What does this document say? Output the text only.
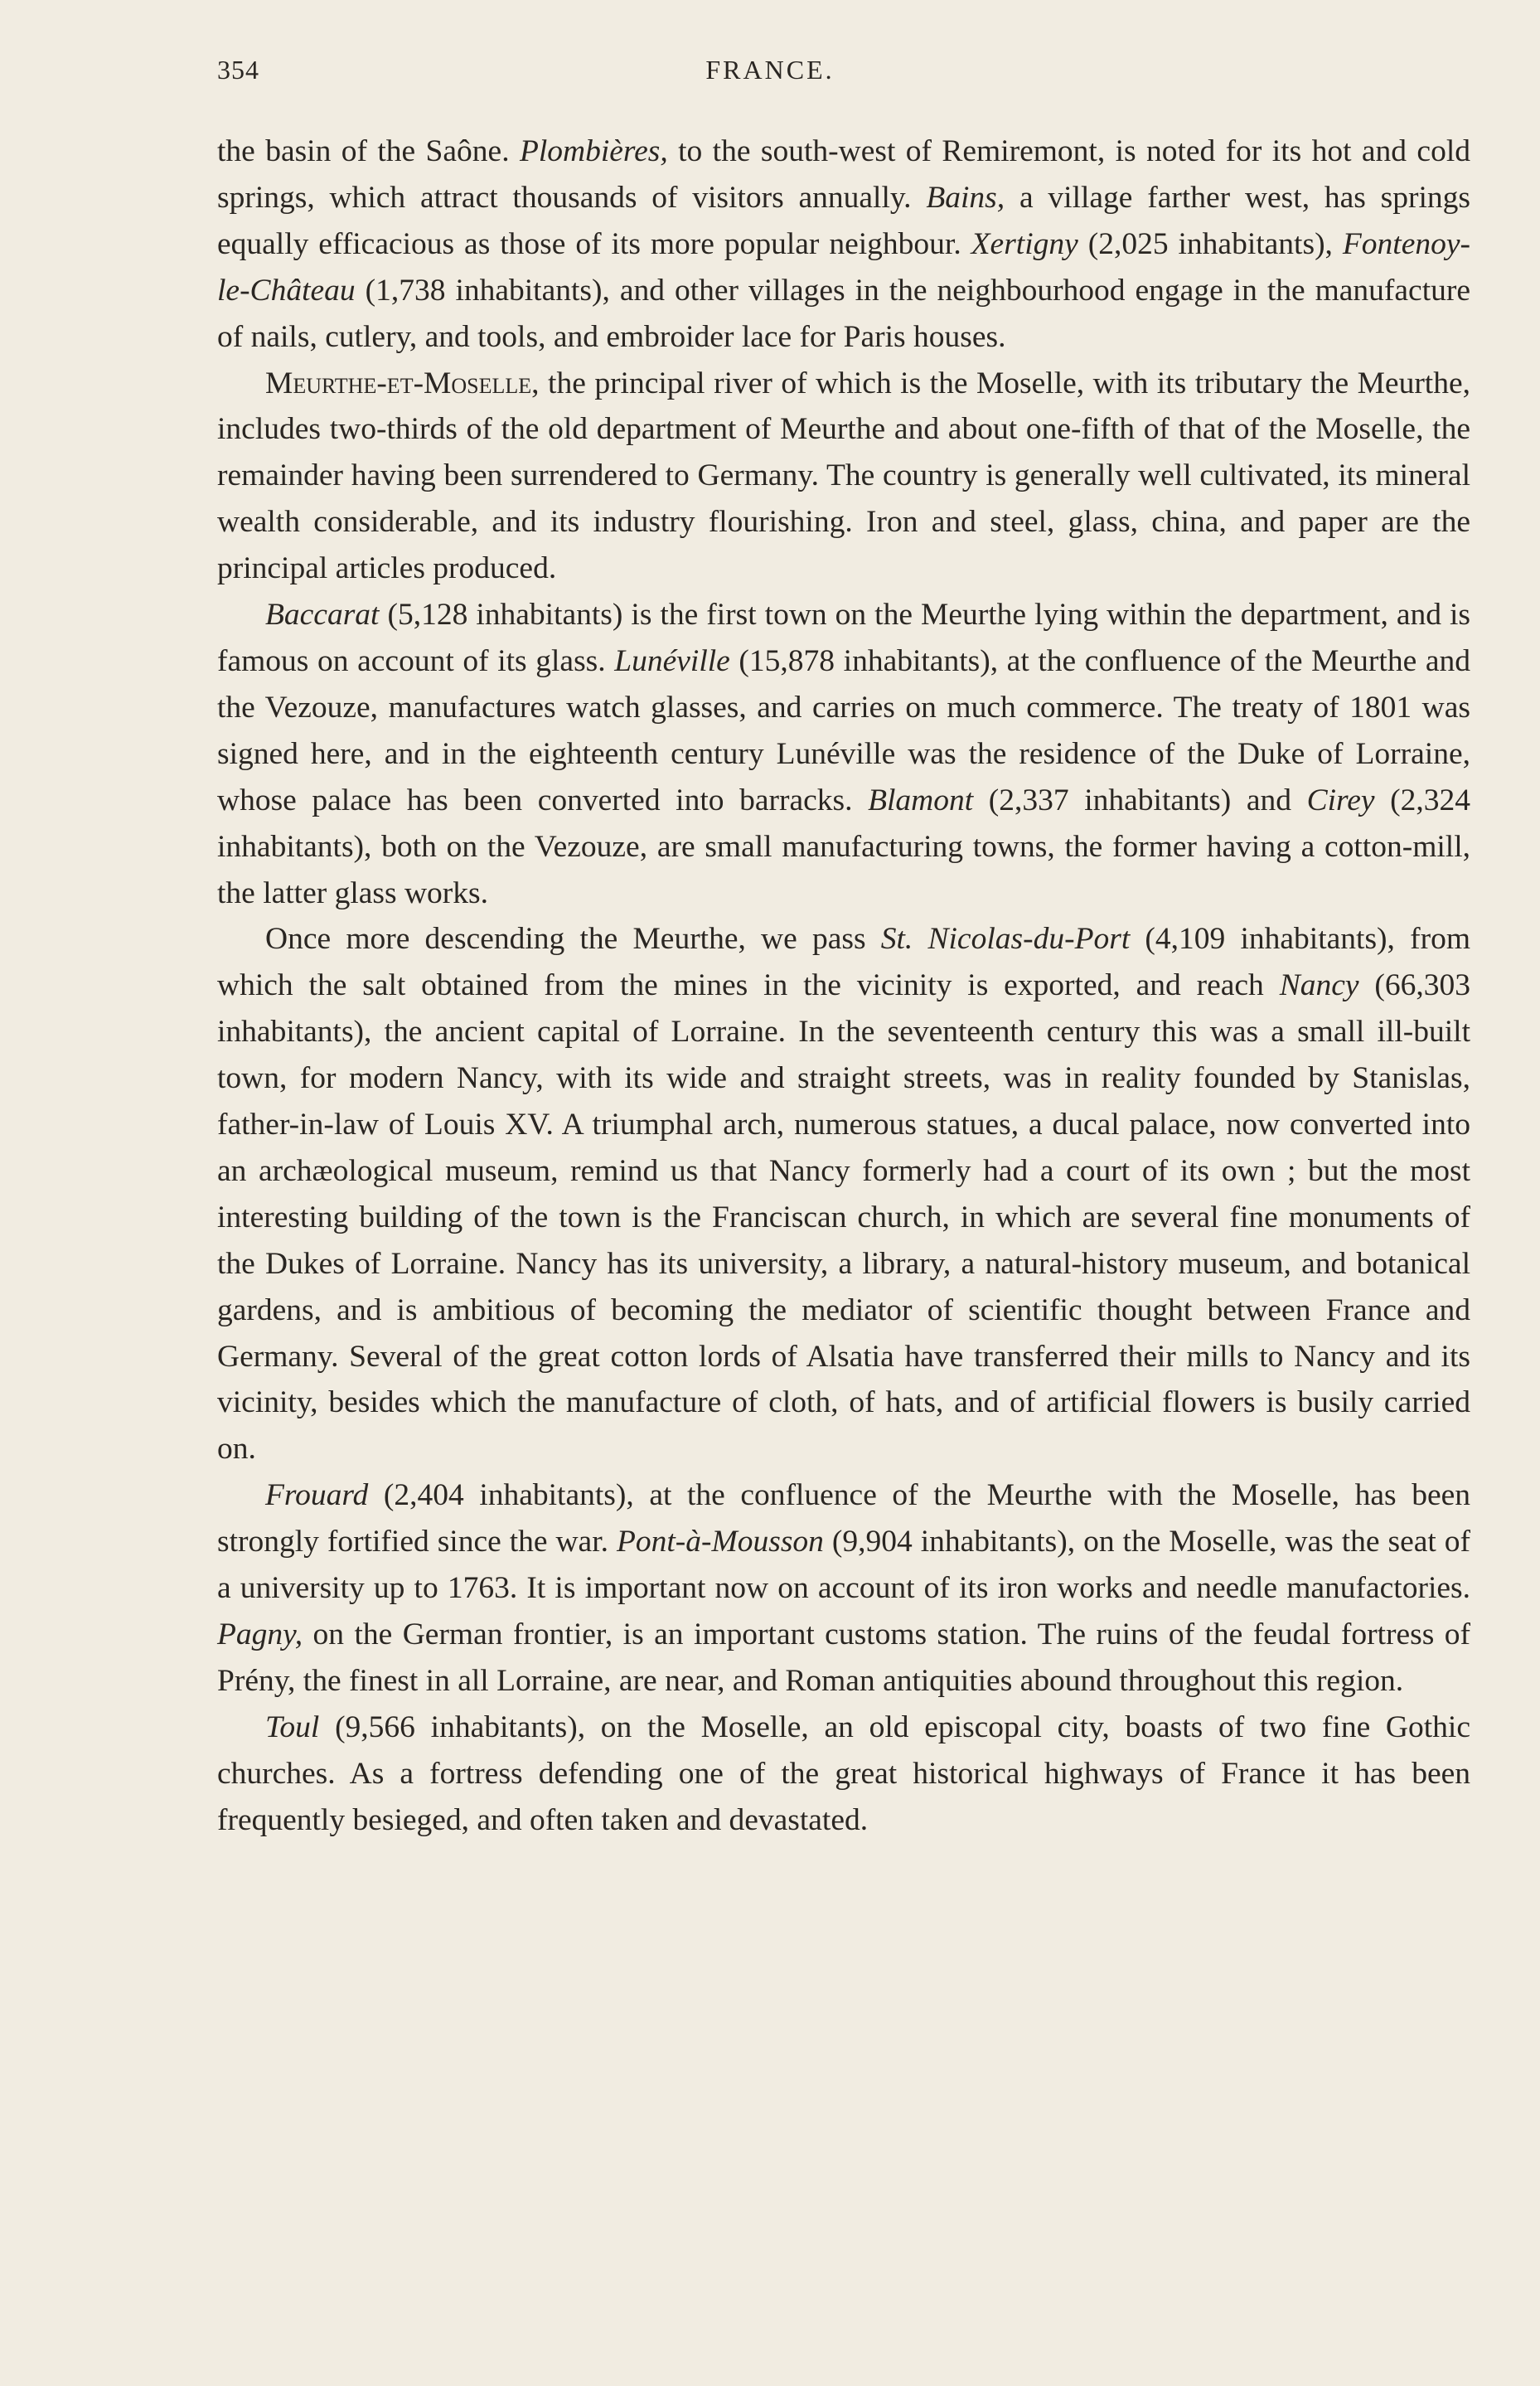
354	FRANCE.

the basin of the Saône. Plombières, to the south-west of Remiremont, is noted for its hot and cold springs, which attract thousands of visitors annually. Bains, a village farther west, has springs equally efficacious as those of its more popular neighbour. Xertigny (2,025 inhabitants), Fontenoy-le-Château (1,738 inhabitants), and other villages in the neighbourhood engage in the manufacture of nails, cutlery, and tools, and embroider lace for Paris houses.

Meurthe-et-Moselle, the principal river of which is the Moselle, with its tributary the Meurthe, includes two-thirds of the old department of Meurthe and about one-fifth of that of the Moselle, the remainder having been surrendered to Germany. The country is generally well cultivated, its mineral wealth considerable, and its industry flourishing. Iron and steel, glass, china, and paper are the principal articles produced.

Baccarat (5,128 inhabitants) is the first town on the Meurthe lying within the department, and is famous on account of its glass. Lunéville (15,878 inhabitants), at the confluence of the Meurthe and the Vezouze, manufactures watch glasses, and carries on much commerce. The treaty of 1801 was signed here, and in the eighteenth century Lunéville was the residence of the Duke of Lorraine, whose palace has been converted into barracks. Blamont (2,337 inhabitants) and Cirey (2,324 inhabitants), both on the Vezouze, are small manufacturing towns, the former having a cotton-mill, the latter glass works.

Once more descending the Meurthe, we pass St. Nicolas-du-Port (4,109 inhabitants), from which the salt obtained from the mines in the vicinity is exported, and reach Nancy (66,303 inhabitants), the ancient capital of Lorraine. In the seventeenth century this was a small ill-built town, for modern Nancy, with its wide and straight streets, was in reality founded by Stanislas, father-in-law of Louis XV. A triumphal arch, numerous statues, a ducal palace, now converted into an archæological museum, remind us that Nancy formerly had a court of its own ; but the most interesting building of the town is the Franciscan church, in which are several fine monuments of the Dukes of Lorraine. Nancy has its university, a library, a natural-history museum, and botanical gardens, and is ambitious of becoming the mediator of scientific thought between France and Germany. Several of the great cotton lords of Alsatia have transferred their mills to Nancy and its vicinity, besides which the manufacture of cloth, of hats, and of artificial flowers is busily carried on.

Frouard (2,404 inhabitants), at the confluence of the Meurthe with the Moselle, has been strongly fortified since the war. Pont-à-Mousson (9,904 inhabitants), on the Moselle, was the seat of a university up to 1763. It is important now on account of its iron works and needle manufactories. Pagny, on the German frontier, is an important customs station. The ruins of the feudal fortress of Prény, the finest in all Lorraine, are near, and Roman antiquities abound throughout this region.

Toul (9,566 inhabitants), on the Moselle, an old episcopal city, boasts of two fine Gothic churches. As a fortress defending one of the great historical highways of France it has been frequently besieged, and often taken and devastated.
